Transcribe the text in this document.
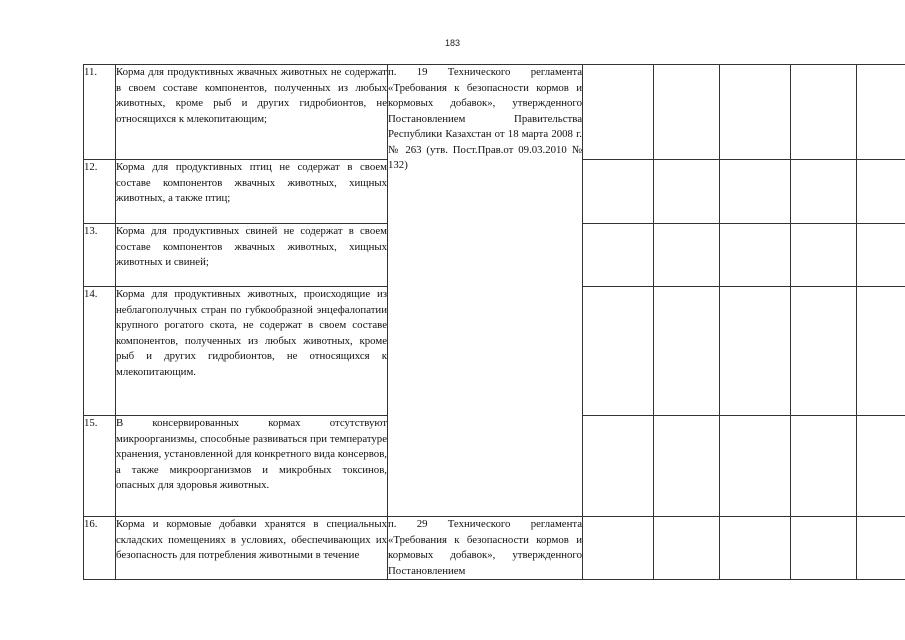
183
11.	Корма для продуктивных жвачных животных не содержат в своем составе компонентов, полученных из любых животных, кроме рыб и других гидробионтов, не относящихся к млекопитающим;	п. 19 Технического регламента «Требования к безопасности кормов и кормовых добавок», утвержденного Постановлением Правительства Республики Казахстан от 18 марта 2008 г. № 263 (утв. Пост.Прав.от 09.03.2010 № 132)					
12.	Корма для продуктивных птиц не содержат в своем составе компонентов жвачных животных, хищных животных, а также птиц;						
13.	Корма для продуктивных свиней не содержат в своем составе компонентов жвачных животных, хищных животных и свиней;						
14.	Корма для продуктивных животных, происходящие из неблагополучных стран по губкообразной энцефалопатии крупного рогатого скота, не содержат в своем составе компонентов, полученных из любых животных, кроме рыб и других гидробионтов, не относящихся к млекопитающим.						
15.	В консервированных кормах отсутствуют микроорганизмы, способные развиваться при температуре хранения, установленной для конкретного вида консервов, а также микроорганизмов и микробных токсинов, опасных для здоровья животных.						
16.	Корма и кормовые добавки хранятся в специальных складских помещениях в условиях, обеспечивающих их безопасность для потребления животными в течение	п. 29 Технического регламента «Требования к безопасности кормов и кормовых добавок», утвержденного Постановлением					
